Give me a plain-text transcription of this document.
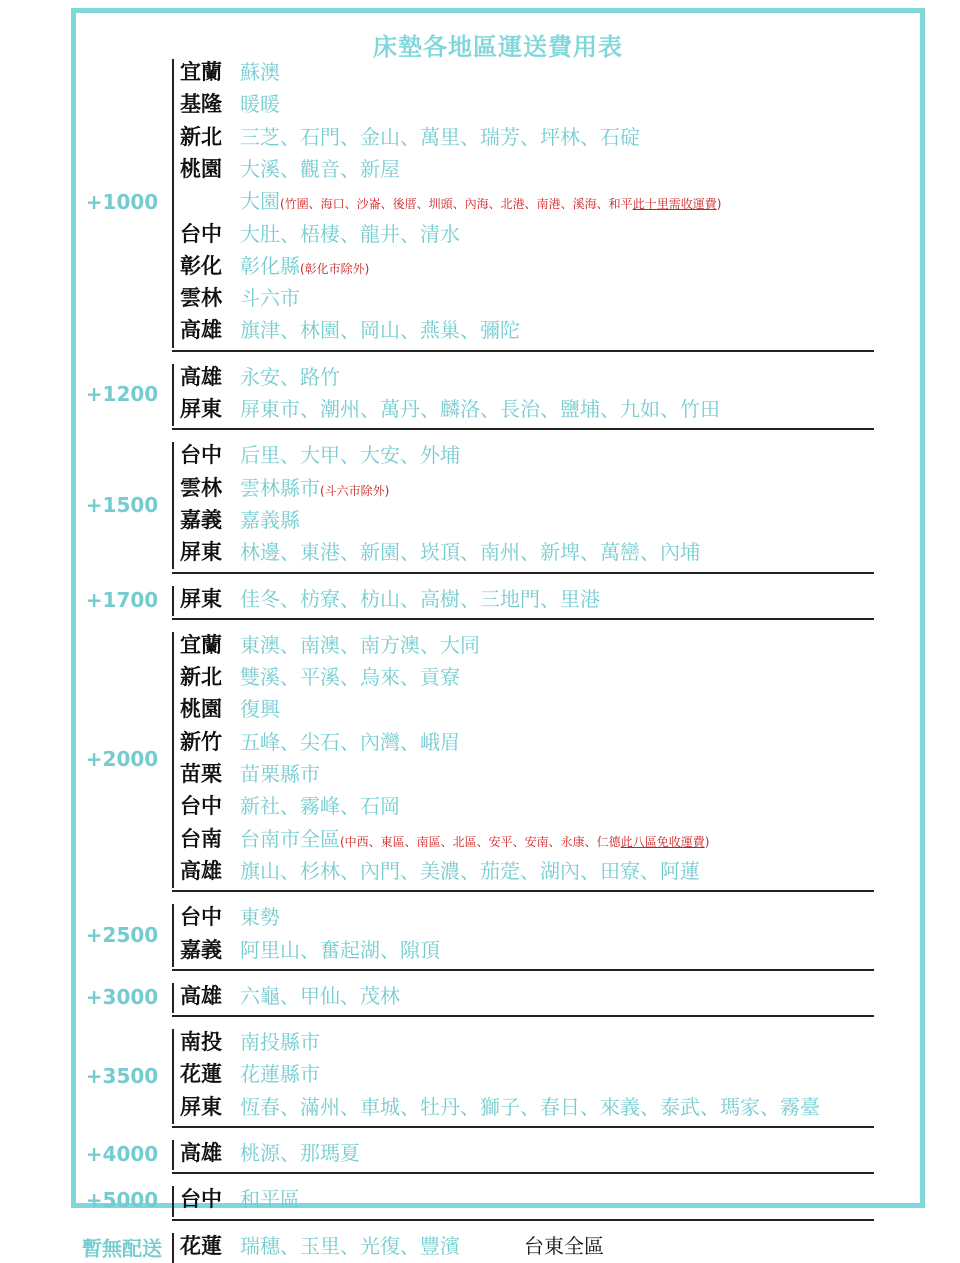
床墊各地區運送費用表
+1000
宜蘭 蘇澳
基隆 暖暖
新北 三芝、石門、金山、萬里、瑞芳、坪林、石碇
桃園 大溪、觀音、新屋
大園(竹圍、海口、沙崙、後厝、圳頭、內海、北港、南港、溪海、和平此十里需收運費)
台中 大肚、梧棲、龍井、清水
彰化 彰化縣(彰化市除外)
雲林 斗六市
高雄 旗津、林園、岡山、燕巢、彌陀
+1200
高雄 永安、路竹
屏東 屏東市、潮州、萬丹、麟洛、長治、鹽埔、九如、竹田
+1500
台中 后里、大甲、大安、外埔
雲林 雲林縣市(斗六市除外)
嘉義 嘉義縣
屏東 林邊、東港、新園、崁頂、南州、新埤、萬巒、內埔
+1700	屏東 佳冬、枋寮、枋山、高樹、三地門、里港
+2000
宜蘭 東澳、南澳、南方澳、大同
新北 雙溪、平溪、烏來、貢寮
桃園 復興
新竹 五峰、尖石、內灣、峨眉
苗栗 苗栗縣市
台中 新社、霧峰、石岡
台南 台南市全區(中西、東區、南區、北區、安平、安南、永康、仁德此八區免收運費)
高雄 旗山、杉林、內門、美濃、茄萣、湖內、田寮、阿蓮
+2500
台中 東勢
嘉義 阿里山、奮起湖、隙頂
+3000	高雄 六龜、甲仙、茂林
+3500
南投 南投縣市
花蓮 花蓮縣市
屏東 恆春、滿州、車城、牡丹、獅子、春日、來義、泰武、瑪家、霧臺
+4000	高雄 桃源、那瑪夏
+5000	台中 和平區
暫無配送 花蓮 瑞穗、玉里、光復、豐濱	台東全區
